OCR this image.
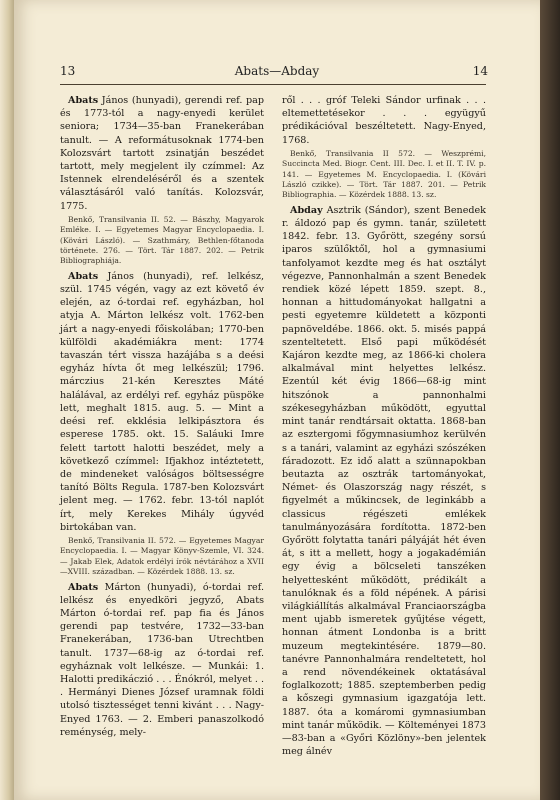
13	Abats—Abday	14

Abats János (hunyadi), gerendi ref. pap és 1773-tól a nagy-enyedi kerület seniora; 1734—35-ban Franekerában tanult. — A reformátusoknak 1774-ben Kolozsvárt tartott zsinatján beszédet tartott, mely megjelent ily czímmel: Az Istennek elrendeléséről és a szentek választásáról való tanítás. Kolozsvár, 1775.

Benkő, Transilvania II. 52. — Bászhy, Magyarok Emléke. I. — Egyetemes Magyar Encyclopaedia. I. (Kövári László). — Szathmáry, Bethlen-főtanoda története. 276. — Tört. Tár 1887. 202. — Petrik Bibliographiája.

Abats János (hunyadi), ref. lelkész, szül. 1745 végén, vagy az ezt követő év elején, az ó-tordai ref. egyházban, hol atyja A. Márton lelkész volt. 1762-ben járt a nagy-enyedi főiskolában; 1770-ben külföldi akadémiákra ment: 1774 tavaszán tért vissza hazájába s a deési egyház hívta őt meg lelkészül; 1796. márczius 21-kén Keresztes Máté halálával, az erdélyi ref. egyház püspöke lett, meghalt 1815. aug. 5. — Mint a deési ref. ekklésia lelkipásztora és esperese 1785. okt. 15. Saláuki Imre felett tartott halotti beszédet, mely a következő czímmel: Ifjakhoz intéztetett, de mindeneket valóságos böltsességre tanító Bölts Regula. 1787-ben Kolozsvárt jelent meg. — 1762. febr. 13-tól naplót írt, mely Kerekes Mihály úgyvéd birtokában van.

Benkő, Transilvania II. 572. — Egyetemes Magyar Encyclopaedia. I. — Magyar Könyv-Szemle, VI. 324. — Jakab Elek, Adatok erdélyi írók névtárához a XVII—XVIII. században. — Közérdek 1888. 13. sz.

Abats Márton (hunyadi), ó-tordai ref. lelkész és enyedköri jegyző, Abats Márton ó-tordai ref. pap fia és János gerendi pap testvére, 1732—33-ban Franekerában, 1736-ban Utrechtben tanult. 1737—68-ig az ó-tordai ref. egyháznak volt lelkésze. — Munkái: 1. Halotti predikáczió . . . Énókról, melyet . . . Hermányi Dienes József uramnak földi utolsó tisztességet tenni kivánt . . . Nagy-Enyed 1763. — 2. Emberi panaszolkodó reménység, mely-

ről . . . gróf Teleki Sándor urfinak . . . eltemettetésekor . . . együgyű prédikációval beszéltetett. Nagy-Enyed, 1768.

Benkő, Transilvania II 572. — Weszprémi, Succincta Med. Biogr. Cent. III. Dec. I. et II. T. IV. p. 141. — Egyetemes M. Encyclopaedia. I. (Kövári László czikke). — Tört. Tár 1887. 201. — Petrik Bibliographia. — Közérdek 1888. 13. sz.

Abday Asztrik (Sándor), szent Benedek r. áldozó pap és gymn. tanár, született 1842. febr. 13. Győrött, szegény sorsú iparos szülőktől, hol a gymnasiumi tanfolyamot kezdte meg és hat osztályt végezve, Pannonhalmán a szent Benedek rendiek közé lépett 1859. szept. 8., honnan a hittudományokat hallgatni a pesti egyetemre küldetett a központi papnöveldébe. 1866. okt. 5. misés pappá szenteltetett. Első papi működését Kajáron kezdte meg, az 1866-ki cholera alkalmával mint helyettes lelkész. Ezentúl két évig 1866—68-ig mint hitszónok a pannonhalmi székesegyházban működött, egyuttal mint tanár rendtársait oktatta. 1868-ban az esztergomi főgymnasiumhoz kerülvén s a tanári, valamint az egyházi szószéken fáradozott. Ez idő alatt a szünnapokban beutazta az osztrák tartományokat, Német- és Olaszország nagy részét, s figyelmét a műkincsek, de leginkább a classicus régészeti emlékek tanulmányozására fordította. 1872-ben Győrött folytatta tanári pályáját hét éven át, s itt a mellett, hogy a jogakadémián egy évig a bölcseleti tanszéken helyettesként működött, prédikált a tanulóknak és a föld népének. A párisi világkiállítás alkalmával Franciaországba ment ujabb ismeretek gyűjtése végett, honnan átment Londonba is a britt muzeum megtekintésére. 1879—80. tanévre Pannonhalmára rendeltetett, hol a rend növendékeinek oktatásával foglalkozott; 1885. szeptemberben pedig a kőszegi gymnasium igazgatója lett. 1887. óta a komáromi gymnasiumban mint tanár működik. — Költeményei 1873—83-ban a «Győri Közlöny»-ben jelentek meg álnév
